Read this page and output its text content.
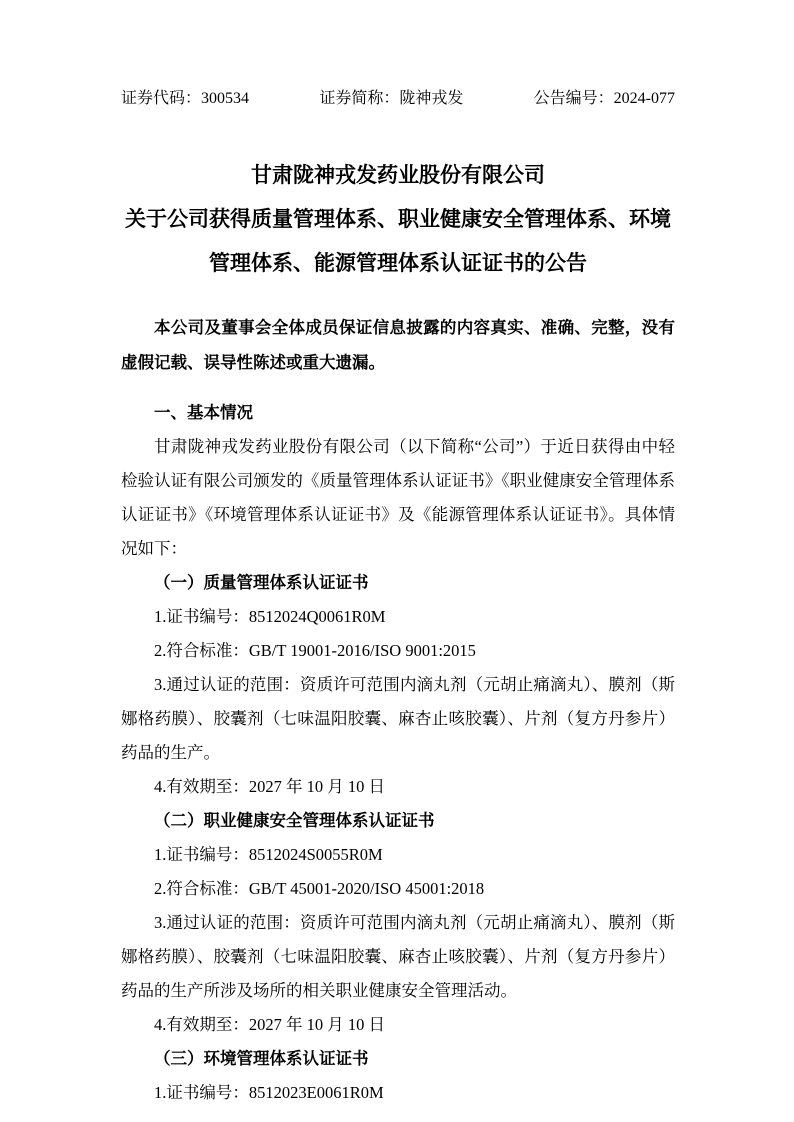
证券代码：300534	证券简称：陇神戎发	公告编号：2024-077
甘肃陇神戎发药业股份有限公司
关于公司获得质量管理体系、职业健康安全管理体系、环境
管理体系、能源管理体系认证证书的公告

本公司及董事会全体成员保证信息披露的内容真实、准确、完整，没有虚假记载、误导性陈述或重大遗漏。

一、基本情况

甘肃陇神戎发药业股份有限公司（以下简称“公司”）于近日获得由中轻检验认证有限公司颁发的《质量管理体系认证证书》《职业健康安全管理体系认证证书》《环境管理体系认证证书》及《能源管理体系认证证书》。具体情况如下：

（一）质量管理体系认证证书

1.证书编号：8512024Q0061R0M

2.符合标准：GB/T 19001-2016/ISO 9001:2015

3.通过认证的范围：资质许可范围内滴丸剂（元胡止痛滴丸）、膜剂（斯娜格药膜）、胶囊剂（七味温阳胶囊、麻杏止咳胶囊）、片剂（复方丹参片）药品的生产。

4.有效期至：2027 年 10 月 10 日

（二）职业健康安全管理体系认证证书

1.证书编号：8512024S0055R0M

2.符合标准：GB/T 45001-2020/ISO 45001:2018

3.通过认证的范围：资质许可范围内滴丸剂（元胡止痛滴丸）、膜剂（斯娜格药膜）、胶囊剂（七味温阳胶囊、麻杏止咳胶囊）、片剂（复方丹参片）药品的生产所涉及场所的相关职业健康安全管理活动。

4.有效期至：2027 年 10 月 10 日

（三）环境管理体系认证证书

1.证书编号：8512023E0061R0M
